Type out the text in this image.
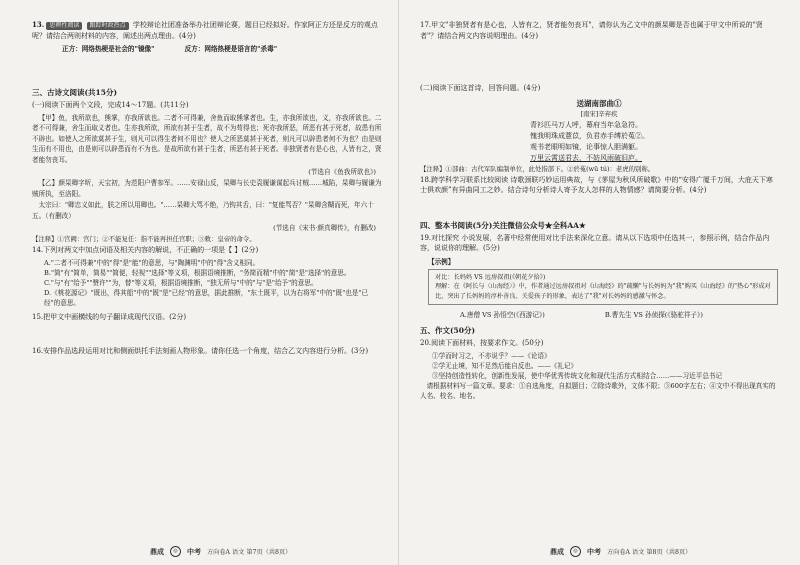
13. 思辨性阅读 跟踪时政热点 学校辩论社团准备举办社团辩论赛，题目已经拟好。作家阿正方还是反方的观点呢？请结合两则材料的内容，阐述出两点理由。(4分)
正方：网络热梗是社会的"镜像"	反方：网络热梗是语言的"杀毒"
三、古诗文阅读(共15分)
(一)阅读下面两个文段，完成14～17题。(共11分)

【甲】鱼，我所欲也，熊掌，亦我所欲也。二者不可得兼，舍鱼而取熊掌者也。生，亦我所欲也，义，亦我所欲也。二者不可得兼，舍生而取义者也。生亦我所欲，所欲有甚于生者，故不为苟得也；死亦我所恶，所恶有甚于死者，故患有所不辟也。如使人之所欲莫甚于生，则凡可以得生者何不用也？使人之所恶莫甚于死者，则凡可以辟患者何不为也？由是则生而有不用也，由是则可以辟患而有不为也。是故所欲有甚于生者，所恶有甚于死者。非独贤者有是心也，人皆有之，贤者能勿丧耳。

(节选自《鱼我所欲也》)

【乙】颜杲卿字昕，天宝初，为范阳户曹参军。……安禄山反，杲卿与长史袁履谦谋起兵讨贼……城陷，杲卿与履谦为贼所执，至洛阳。

太宗曰："卿忠义如此，朕之所以用卿也。"……杲卿大骂不绝，乃钩其舌，曰："复能骂否？"杲卿含糊而死，年六十五。（有删改）

(节选自《宋书·颜真卿传》，有删改)

【注释】①宫阙：宫门；②不能复任：指不能再担任官职；③敕：皇帝的命令。

14.下列对两文中加点词语及相关内容的解说，不正确的一项是【 】(2分)

A."二者不可得兼"中的"得"是"能"的意思，与"陶渊明"中的"得"含义相同。

B."简"有"简单，简易""简便，轻视""选择"等义项，根据语境推断，"务简而精"中的"简"是"选择"的意思。

C."与"有"给予""赞许""为，替"等义项，根据语境推断，"独无所与"中的"与"是"给予"的意思。

D.《桃花源记》"既出，得其船"中的"既"是"已经"的意思，据此推断，"东土既平，以为右将军"中的"既"也是"已经"的意思。

15.把甲文中画横线的句子翻译成现代汉语。(2分)
16.安排作品选段运用对比和侧面烘托手法刻画人物形象。请你任选一个角度，结合乙文内容进行分析。(3分)
鼎成	◎	中考 方向卷A 语文 第7页（共8页）
17.甲文"非独贤者有是心也，人皆有之，贤者能勿丧耳"，请你认为乙文中的颜杲卿是否也属于甲文中所说的"贤者"？请结合两文内容说明理由。(4分)
(二)阅读下面这首诗，回答问题。(4分)
送湖南部曲①
[南宋]辛弃疾

青衫匹马万人呼，幕府当年急急符。

愧我明珠成薏苡，负君赤手缚於菟②。

观书老眼明如镜，论事惊人胆满躯。

万里云霄送君去，不妨风雨破旧庐。

【注释】①部曲：古代军队编制单位，此处指部下。②於菟(wū tú)：老虎的别称。

18.跨学科学习联系比较阅读 诗歌颈联巧妙运用典故，与《茅屋为秋风所破歌》中的“安得广厦千万间，大庇天下寒士俱欢颜”有异曲同工之妙。结合诗句分析诗人寄予友人怎样的人物情感？请简要分析。(4分)
四、整本书阅读(5分)关注微信公众号★全科AA★
19.对比探究 小说发展，名著中经常使用对比手法来深化立意。请从以下选项中任选其一，参照示例，结合作品内容，说说你的理解。(5分)
【示例】
对比：长妈妈 VS 远房叔祖(《朝花夕拾》)
理解：在《阿长与〈山海经〉》中，作者通过远房叔祖对《山海经》的"疏懒"与长妈妈为"我"购买《山海经》的"热心"形成对比，突出了长妈妈的淳朴善良、关爱孩子的形象，表达了"我"对长妈妈的感激与怀念。
A.唐僧 VS 孙悟空(《西游记》)	B.曹先生 VS 孙侦探(《骆驼祥子》)
五、作文(50分)
20.阅读下面材料，按要求作文。(50分)

①学而时习之，不亦说乎？——《论语》

②学无止境，知不足然后能自反也。——《礼记》

③坚持创造性转化，创新性发展，使中华优秀传统文化和现代生活方式相结合……——习近平总书记

请根据材料写一篇文章。要求：①自选角度，自拟题目；②除诗歌外，文体不限；③600字左右；④文中不得出现真实的人名、校名、地名。

鼎成	◎	中考 方向卷A 语文 第8页（共8页）
